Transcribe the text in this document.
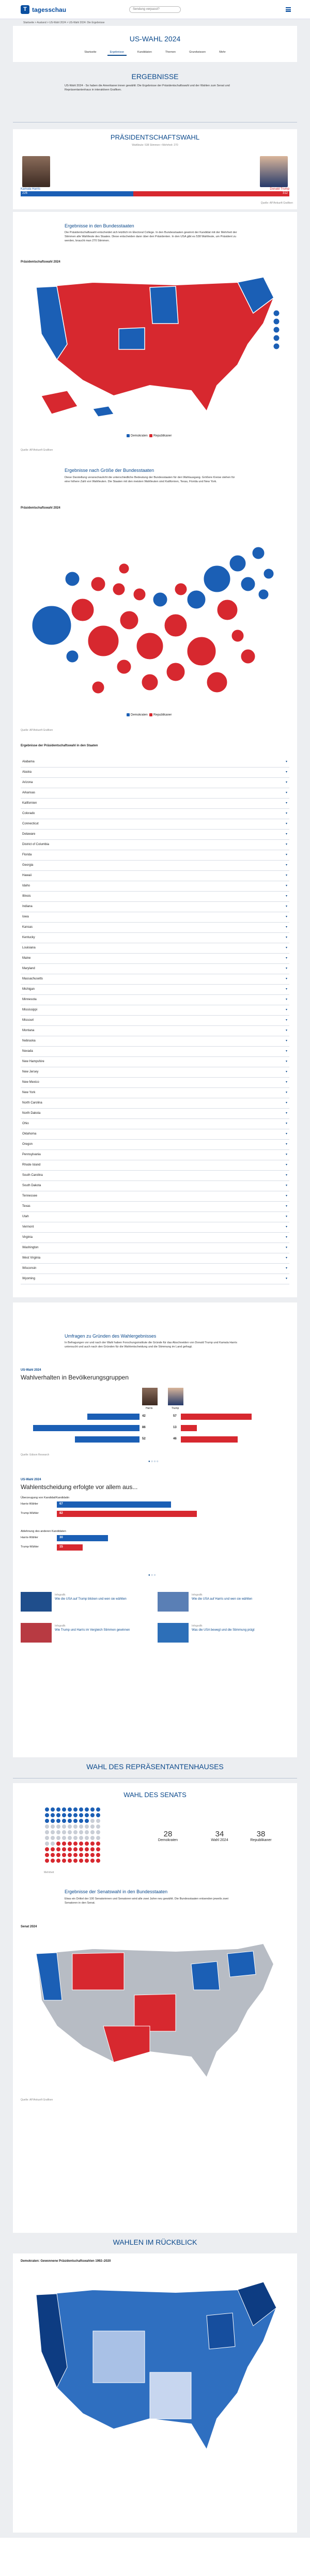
T tagesschau	Sendung verpasst?
Startseite > Ausland > US-Wahl 2024 > US-Wahl 2024: Die Ergebnisse
US-WAHL 2024
Startseite	Ergebnisse	Kandidaten	Themen	Grundwissen	Mehr
ERGEBNISSE
US-Wahl 2024 - So haben die Amerikaner:innen gewählt: Die Ergebnisse der Präsidentschaftswahl und der Wahlen zum Senat und Repräsentantenhaus in interaktiven Grafiken.
PRÄSIDENTSCHAFTSWAHL
Wahlleute: 538 Stimmen • Mehrheit: 270
Kamala Harris	Donald Trump
226	312
Quelle: AP/Ankunft Grafiken
Ergebnisse in den Bundesstaaten
Die Präsidentschaftswahl entscheidet sich letztlich im Electoral College. In den Bundesstaaten gewinnt der Kandidat mit der Mehrheit der Stimmen alle Wahlleute des Staates. Diese entscheiden dann über den Präsidenten. In den USA gibt es 538 Wahlleute, um Präsident zu werden, braucht man 270 Stimmen.
Präsidentschaftswahl 2024
Demokraten Republikaner
Quelle: AP/Ankunft Grafiken
Ergebnisse nach Größe der Bundesstaaten
Diese Darstellung veranschaulicht die unterschiedliche Bedeutung der Bundesstaaten für den Wahlausgang. Größere Kreise stehen für eine höhere Zahl von Wahlleuten. Die Staaten mit den meisten Wahlleuten sind Kalifornien, Texas, Florida und New York.
Präsidentschaftswahl 2024
Demokraten Republikaner
Quelle: AP/Ankunft Grafiken
Ergebnisse der Präsidentschaftswahl in den Staaten
Alabama ▾
Alaska ▾
Arizona ▾
Arkansas ▾
Kalifornien ▾
Colorado ▾
Connecticut ▾
Delaware ▾
District of Columbia ▾
Florida ▾
Georgia ▾
Hawaii ▾
Idaho ▾
Illinois ▾
Indiana ▾
Iowa ▾
Kansas ▾
Kentucky ▾
Louisiana ▾
Maine ▾
Maryland ▾
Massachusetts ▾
Michigan ▾
Minnesota ▾
Mississippi ▾
Missouri ▾
Montana ▾
Nebraska ▾
Nevada ▾
New Hampshire ▾
New Jersey ▾
New Mexico ▾
New York ▾
North Carolina ▾
North Dakota ▾
Ohio ▾
Oklahoma ▾
Oregon ▾
Pennsylvania ▾
Rhode Island ▾
South Carolina ▾
South Dakota ▾
Tennessee ▾
Texas ▾
Utah ▾
Vermont ▾
Virginia ▾
Washington ▾
West Virginia ▾
Wisconsin ▾
Wyoming ▾
Umfragen zu Gründen des Wahlergebnisses
In Befragungen vor und nach der Wahl haben Forschungsinstitute die Gründe für das Abschneiden von Donald Trump und Kamala Harris untersucht und auch nach den Gründen für die Wahlentscheidung und die Stimmung im Land gefragt.
US-Wahl 2024
Wahlverhalten in Bevölkerungsgruppen
Harris	Trump
42	57
86	13
52	46
Quelle: Edison Research
● ○ ○ ○
US-Wahl 2024
Wahlentscheidung erfolgte vor allem aus...
Überzeugung von Kandidat/Kandidatin
Ablehnung des anderen Kandidaten
Harris-Wähler	67
Trump-Wähler	82
Harris-Wähler	30
Trump-Wähler	15
● ○ ○
Infografik
Wie die USA auf Trump blicken und wen sie wählten
Infografik
Wie die USA auf Harris und wen sie wählten
Infografik
Wie Trump und Harris im Vergleich Stimmen gewinnen
Infografik
Was die USA bewegt und die Stimmung prägt
WAHL DES REPRÄSENTANTENHAUSES
WAHL DES SENATS
28
Demokraten
34
Wahl 2024
38
Republikaner
Mehrheit
Ergebnisse der Senatswahl in den Bundesstaaten
Etwa ein Drittel der 100 Senatorinnen und Senatoren wird alle zwei Jahre neu gewählt. Die Bundesstaaten entsenden jeweils zwei Senatoren in den Senat.
Senat 2024
Quelle: AP/Ankunft Grafiken
WAHLEN IM RÜCKBLICK
Demokraten: Gewonnene Präsidentschaftswahlen 1992–2020
